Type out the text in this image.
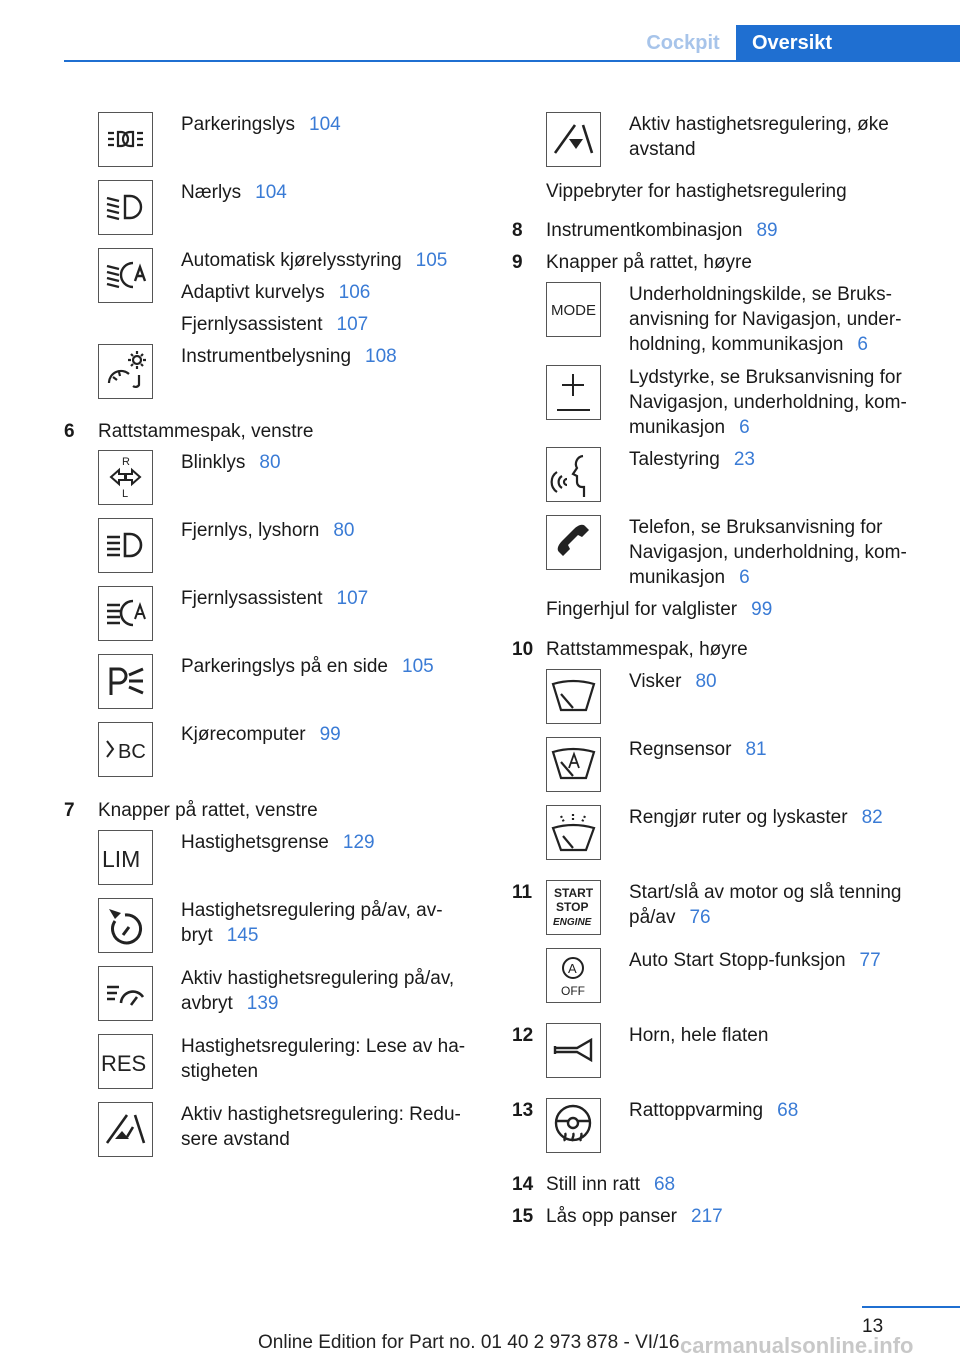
Cockpit	Oversikt
Parkeringslys 104
Nærlys 104
Automatisk kjørelysstyring 105
Adaptivt kurvelys 106
Fjernlysassistent 107
Instrumentbelysning 108
6 Rattstammespak, venstre
R
L
Blinklys 80
Fjernlys, lyshorn 80
Fjernlysassistent 107
Parkeringslys på en side 105
BC
Kjørecomputer 99
7 Knapper på rattet, venstre
LIM
Hastighetsgrense 129
Hastighetsregulering på/av, av-
bryt 145
Aktiv hastighetsregulering på/av,
avbryt 139
RES
Hastighetsregulering: Lese av ha-
stigheten
Aktiv hastighetsregulering: Redu-
sere avstand
Aktiv hastighetsregulering, øke
avstand
Vippebryter for hastighetsregulering
8 Instrumentkombinasjon 89
9 Knapper på rattet, høyre
MODE
Underholdningskilde, se Bruks-
anvisning for Navigasjon, under-
holdning, kommunikasjon 6
Lydstyrke, se Bruksanvisning for
Navigasjon, underholdning, kom-
munikasjon 6
Talestyring 23
Telefon, se Bruksanvisning for
Navigasjon, underholdning, kom-
munikasjon 6
Fingerhjul for valglister 99
10 Rattstammespak, høyre
Visker 80
Regnsensor 81
Rengjør ruter og lyskaster 82
11 START
STOP
ENGINE
Start/slå av motor og slå tenning
på/av 76
A
OFF
Auto Start Stopp-funksjon 77
12	Horn, hele flaten
13	Rattoppvarming 68
14 Still inn ratt 68
15 Lås opp panser 217
13
Online Edition for Part no. 01 40 2 973 878 - VI/16 carmanualsonline.info
